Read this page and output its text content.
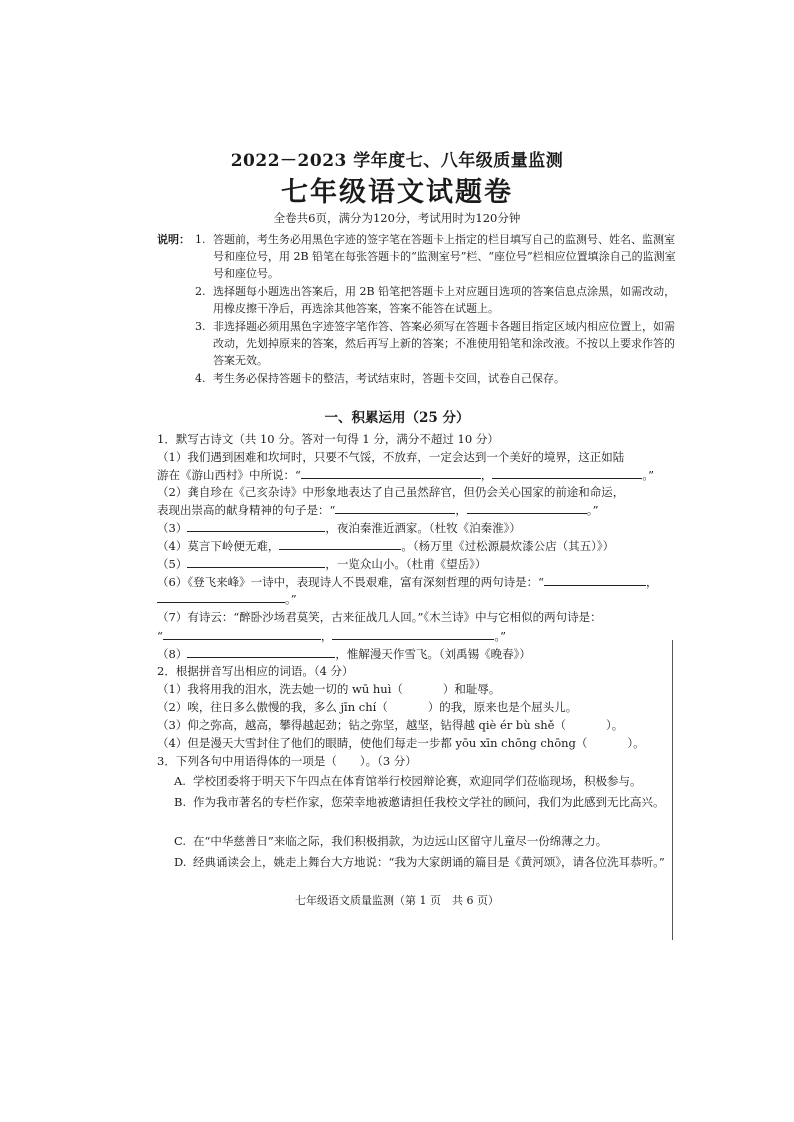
2022－2023 学年度七、八年级质量监测
七年级语文试题卷
全卷共6页，满分为120分，考试用时为120分钟
说明： 1. 答题前，考生务必用黑色字迹的签字笔在答题卡上指定的栏目填写自己的监测号、姓名、监测室号和座位号，用 2B 铅笔在每张答题卡的“监测室号”栏、“座位号”栏相应位置填涂自己的监测室号和座位号。
2. 选择题每小题选出答案后，用 2B 铅笔把答题卡上对应题目选项的答案信息点涂黑，如需改动，用橡皮擦干净后，再选涂其他答案，答案不能答在试题上。
3. 非选择题必须用黑色字迹签字笔作答、答案必须写在答题卡各题目指定区域内相应位置上，如需改动，先划掉原来的答案，然后再写上新的答案；不准使用铅笔和涂改液。不按以上要求作答的答案无效。
4. 考生务必保持答题卡的整洁，考试结束时，答题卡交回，试卷自己保存。
一、积累运用（25 分）
1．默写古诗文（共 10 分。答对一句得 1 分，满分不超过 10 分）
（1）我们遇到困难和坎坷时，只要不气馁，不放弃，一定会达到一个美好的境界，这正如陆
游在《游山西村》中所说：“	，	。”
（2）龚自珍在《己亥杂诗》中形象地表达了自己虽然辞官，但仍会关心国家的前途和命运，
表现出崇高的献身精神的句子是：“	，	。”
（3）	，夜泊秦淮近酒家。（杜牧《泊秦淮》）
（4）莫言下岭便无难，	。（杨万里《过松源晨炊漆公店（其五）》）
（5）	，一览众山小。（杜甫《望岳》）
（6）《登飞来峰》一诗中，表现诗人不畏艰难，富有深刻哲理的两句诗是：“	，
。”
（7）有诗云：“醉卧沙场君莫笑，古来征战几人回。”《木兰诗》中与它相似的两句诗是：
“	，	。”
（8）	，惟解漫天作雪飞。（刘禹锡《晚春》）
2．根据拼音写出相应的词语。（4 分）
（1）我将用我的泪水，洗去她一切的 wū huì（	）和耻辱。
（2）唉，往日多么傲慢的我，多么 jīn chí（	）的我，原来也是个屈头儿。
（3）仰之弥高，越高，攀得越起劲；钻之弥坚，越坚，钻得越 qiè ér bù shě（	）。
（4）但是漫天大雪封住了他们的眼睛，使他们每走一步都 yōu xīn chōng chōng（	）。
3．下列各句中用语得体的一项是（　　）。（3 分）
A. 学校团委将于明天下午四点在体育馆举行校园辩论赛，欢迎同学们莅临现场，积极参与。
B. 作为我市著名的专栏作家，您荣幸地被邀请担任我校文学社的顾问，我们为此感到无比高兴。
C. 在“中华慈善日”来临之际，我们积极捐款，为边远山区留守儿童尽一份绵薄之力。
D. 经典诵读会上，姚走上舞台大方地说：“我为大家朗诵的篇目是《黄河颂》，请各位洗耳恭听。”
七年级语文质量监测（第 1 页　共 6 页）
